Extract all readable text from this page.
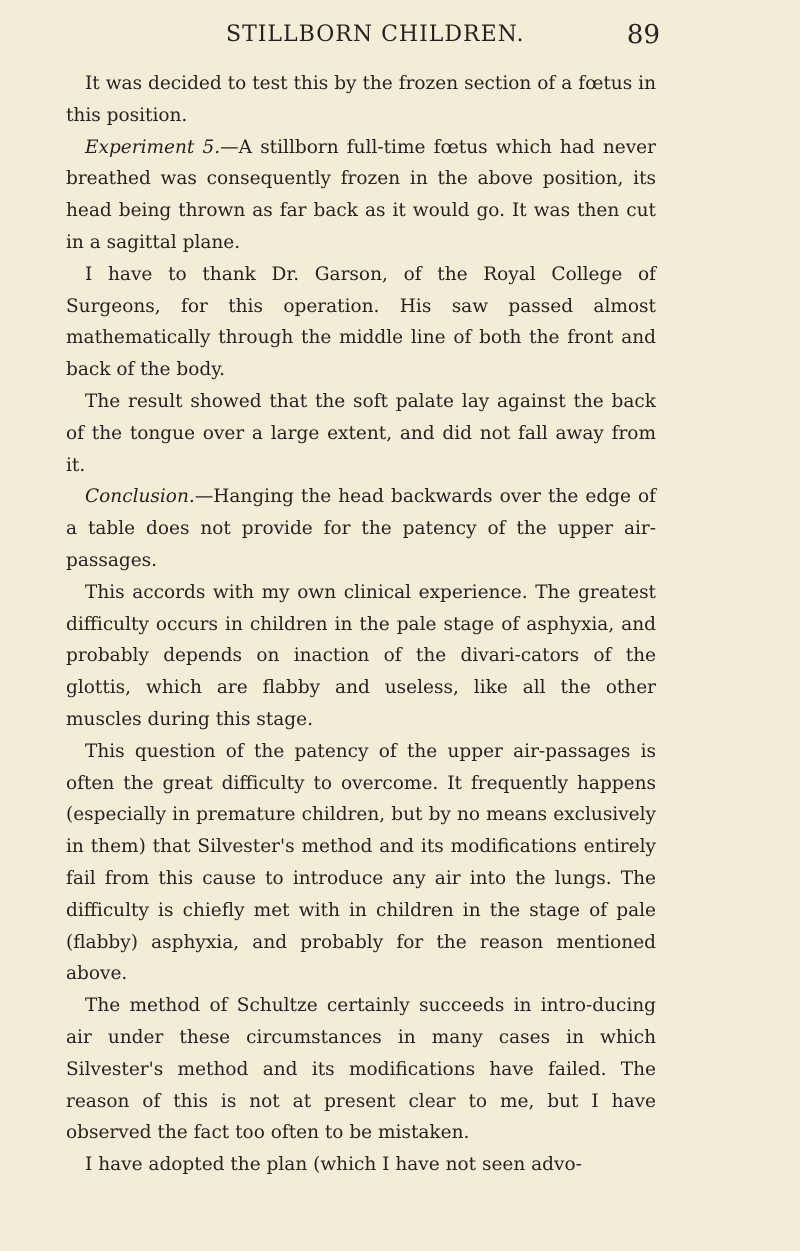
STILLBORN CHILDREN.	89

It was decided to test this by the frozen section of a fœtus in this position.

Experiment 5.—A stillborn full-time fœtus which had never breathed was consequently frozen in the above position, its head being thrown as far back as it would go. It was then cut in a sagittal plane.

I have to thank Dr. Garson, of the Royal College of Surgeons, for this operation. His saw passed almost mathematically through the middle line of both the front and back of the body.

The result showed that the soft palate lay against the back of the tongue over a large extent, and did not fall away from it.

Conclusion.—Hanging the head backwards over the edge of a table does not provide for the patency of the upper air-passages.

This accords with my own clinical experience. The greatest difficulty occurs in children in the pale stage of asphyxia, and probably depends on inaction of the divari-cators of the glottis, which are flabby and useless, like all the other muscles during this stage.

This question of the patency of the upper air-passages is often the great difficulty to overcome. It frequently happens (especially in premature children, but by no means exclusively in them) that Silvester's method and its modifications entirely fail from this cause to introduce any air into the lungs. The difficulty is chiefly met with in children in the stage of pale (flabby) asphyxia, and probably for the reason mentioned above.

The method of Schultze certainly succeeds in intro-ducing air under these circumstances in many cases in which Silvester's method and its modifications have failed. The reason of this is not at present clear to me, but I have observed the fact too often to be mistaken.

I have adopted the plan (which I have not seen advo-
